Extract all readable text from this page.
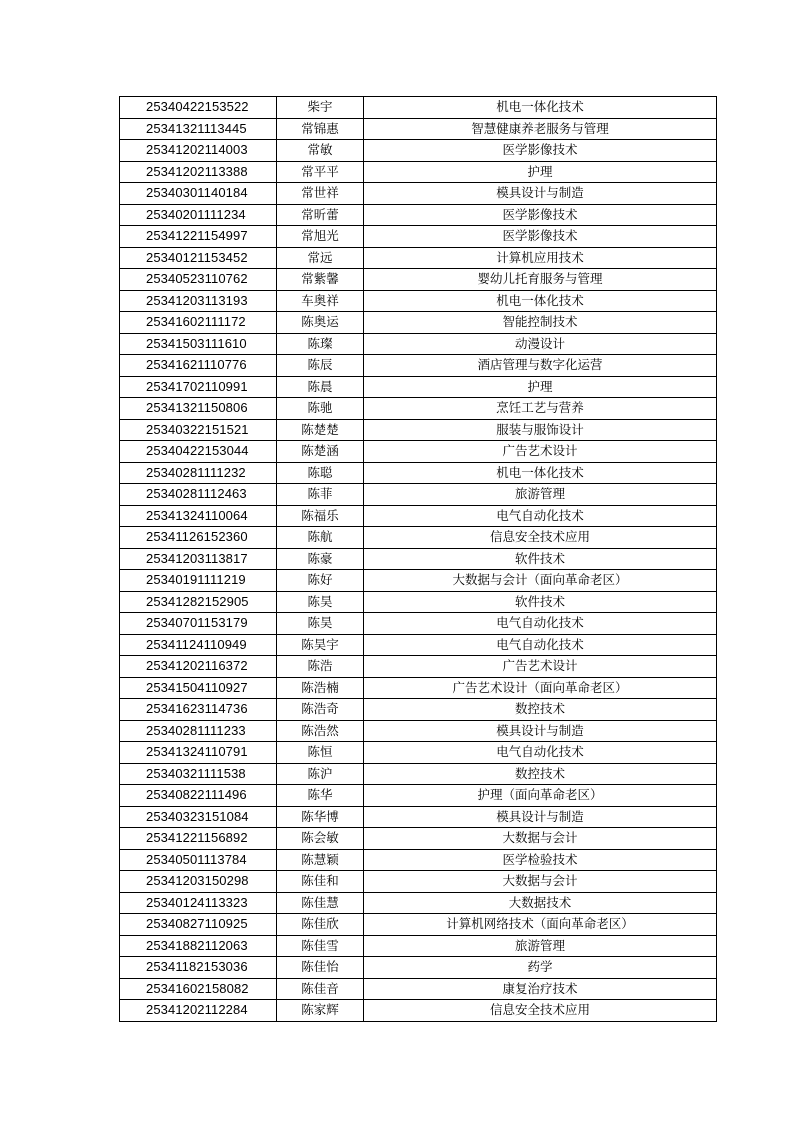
25340422153522	柴宇	机电一体化技术
25341321113445	常锦惠	智慧健康养老服务与管理
25341202114003	常敏	医学影像技术
25341202113388	常平平	护理
25340301140184	常世祥	模具设计与制造
25340201111234	常昕蕾	医学影像技术
25341221154997	常旭光	医学影像技术
25340121153452	常远	计算机应用技术
25340523110762	常紫馨	婴幼儿托育服务与管理
25341203113193	车奥祥	机电一体化技术
25341602111172	陈奥运	智能控制技术
25341503111610	陈璨	动漫设计
25341621110776	陈辰	酒店管理与数字化运营
25341702110991	陈晨	护理
25341321150806	陈驰	烹饪工艺与营养
25340322151521	陈楚楚	服装与服饰设计
25340422153044	陈楚涵	广告艺术设计
25340281111232	陈聪	机电一体化技术
25340281112463	陈菲	旅游管理
25341324110064	陈福乐	电气自动化技术
25341126152360	陈航	信息安全技术应用
25341203113817	陈豪	软件技术
25340191111219	陈好	大数据与会计（面向革命老区）
25341282152905	陈昊	软件技术
25340701153179	陈昊	电气自动化技术
25341124110949	陈昊宇	电气自动化技术
25341202116372	陈浩	广告艺术设计
25341504110927	陈浩楠	广告艺术设计（面向革命老区）
25341623114736	陈浩奇	数控技术
25340281111233	陈浩然	模具设计与制造
25341324110791	陈恒	电气自动化技术
25340321111538	陈沪	数控技术
25340822111496	陈华	护理（面向革命老区）
25340323151084	陈华博	模具设计与制造
25341221156892	陈会敏	大数据与会计
25340501113784	陈慧颖	医学检验技术
25341203150298	陈佳和	大数据与会计
25340124113323	陈佳慧	大数据技术
25340827110925	陈佳欣	计算机网络技术（面向革命老区）
25341882112063	陈佳雪	旅游管理
25341182153036	陈佳怡	药学
25341602158082	陈佳音	康复治疗技术
25341202112284	陈家辉	信息安全技术应用
